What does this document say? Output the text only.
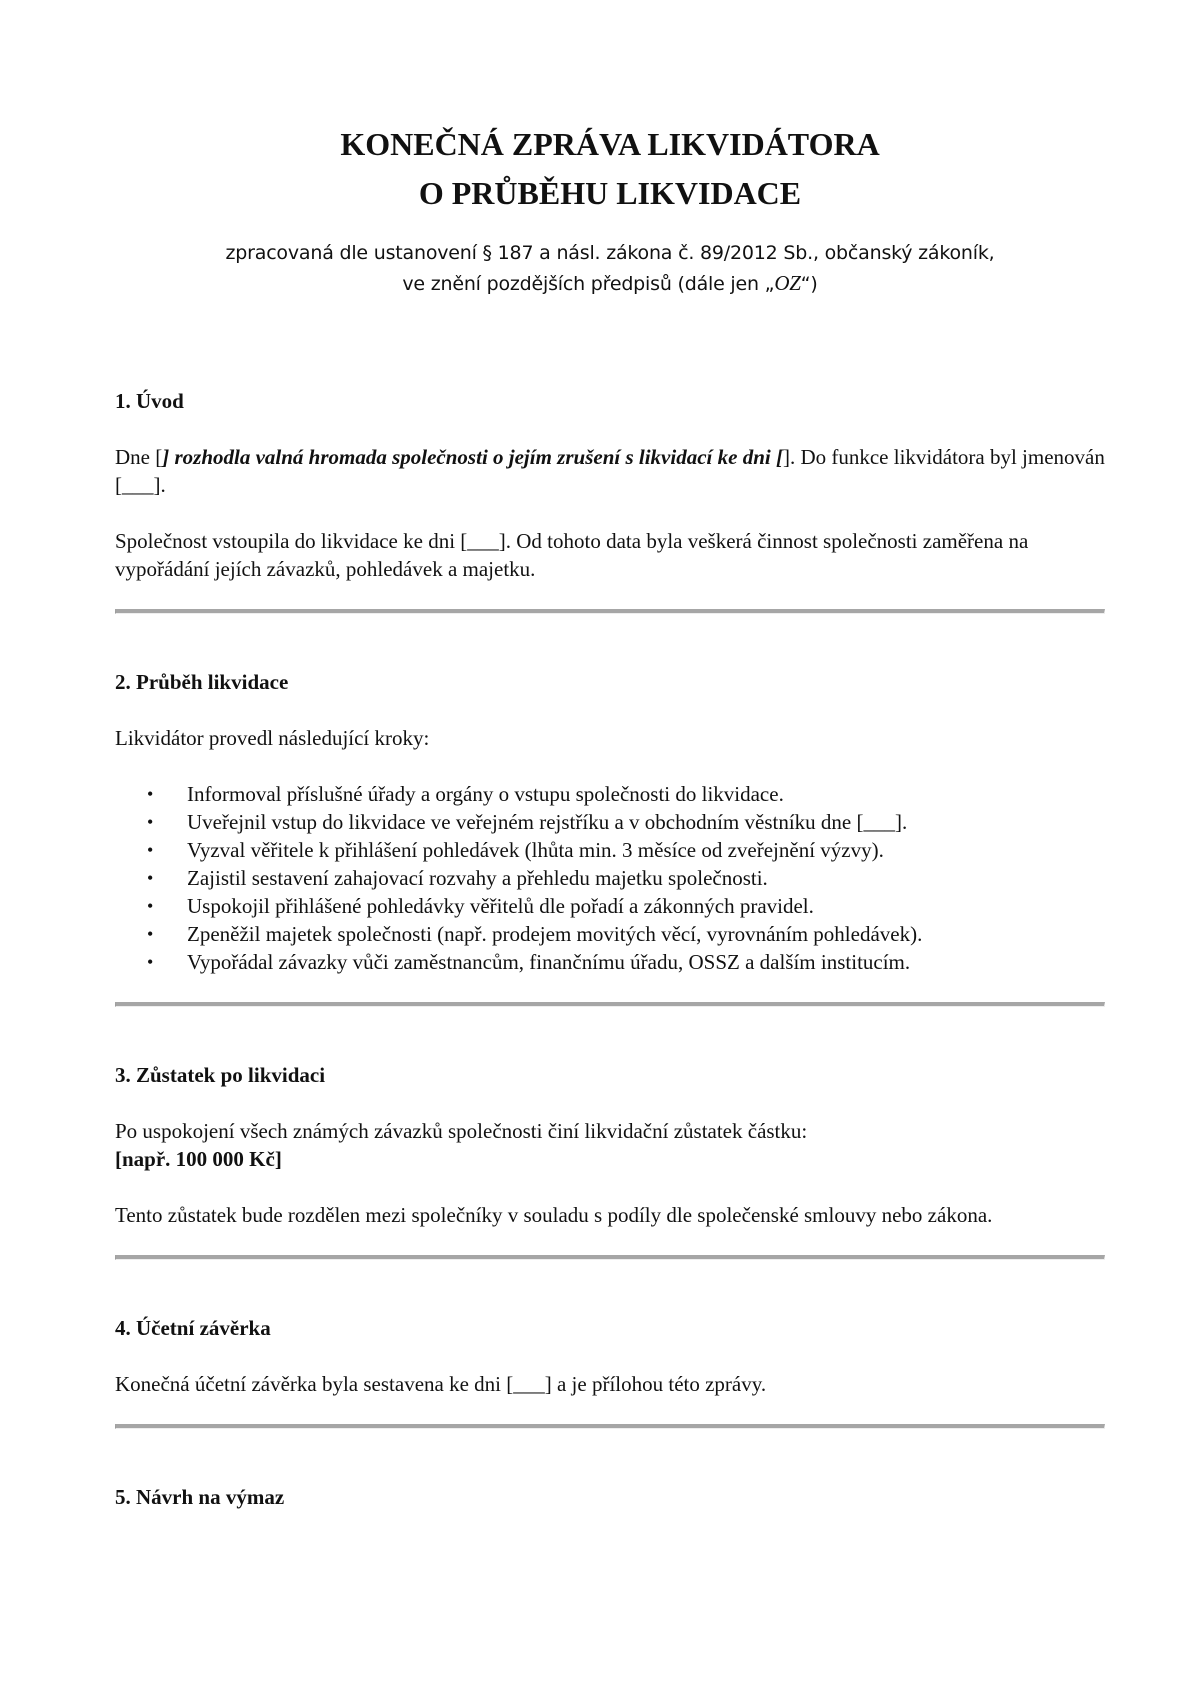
KONEČNÁ ZPRÁVA LIKVIDÁTORA
O PRŮBĚHU LIKVIDACE

zpracovaná dle ustanovení § 187 a násl. zákona č. 89/2012 Sb., občanský zákoník,
ve znění pozdějších předpisů (dále jen „OZ“)

1. Úvod

Dne [] rozhodla valná hromada společnosti o jejím zrušení s likvidací ke dni []. Do funkce likvidátora byl jmenován [___].

Společnost vstoupila do likvidace ke dni [___]. Od tohoto data byla veškerá činnost společnosti zaměřena na vypořádání jejích závazků, pohledávek a majetku.

2. Průběh likvidace

Likvidátor provedl následující kroky:

• Informoval příslušné úřady a orgány o vstupu společnosti do likvidace.
• Uveřejnil vstup do likvidace ve veřejném rejstříku a v obchodním věstníku dne [___].
• Vyzval věřitele k přihlášení pohledávek (lhůta min. 3 měsíce od zveřejnění výzvy).
• Zajistil sestavení zahajovací rozvahy a přehledu majetku společnosti.
• Uspokojil přihlášené pohledávky věřitelů dle pořadí a zákonných pravidel.
• Zpeněžil majetek společnosti (např. prodejem movitých věcí, vyrovnáním pohledávek).
• Vypořádal závazky vůči zaměstnancům, finančnímu úřadu, OSSZ a dalším institucím.
3. Zůstatek po likvidaci

Po uspokojení všech známých závazků společnosti činí likvidační zůstatek částku:
[např. 100 000 Kč]

Tento zůstatek bude rozdělen mezi společníky v souladu s podíly dle společenské smlouvy nebo zákona.

4. Účetní závěrka

Konečná účetní závěrka byla sestavena ke dni [___] a je přílohou této zprávy.

5. Návrh na výmaz
